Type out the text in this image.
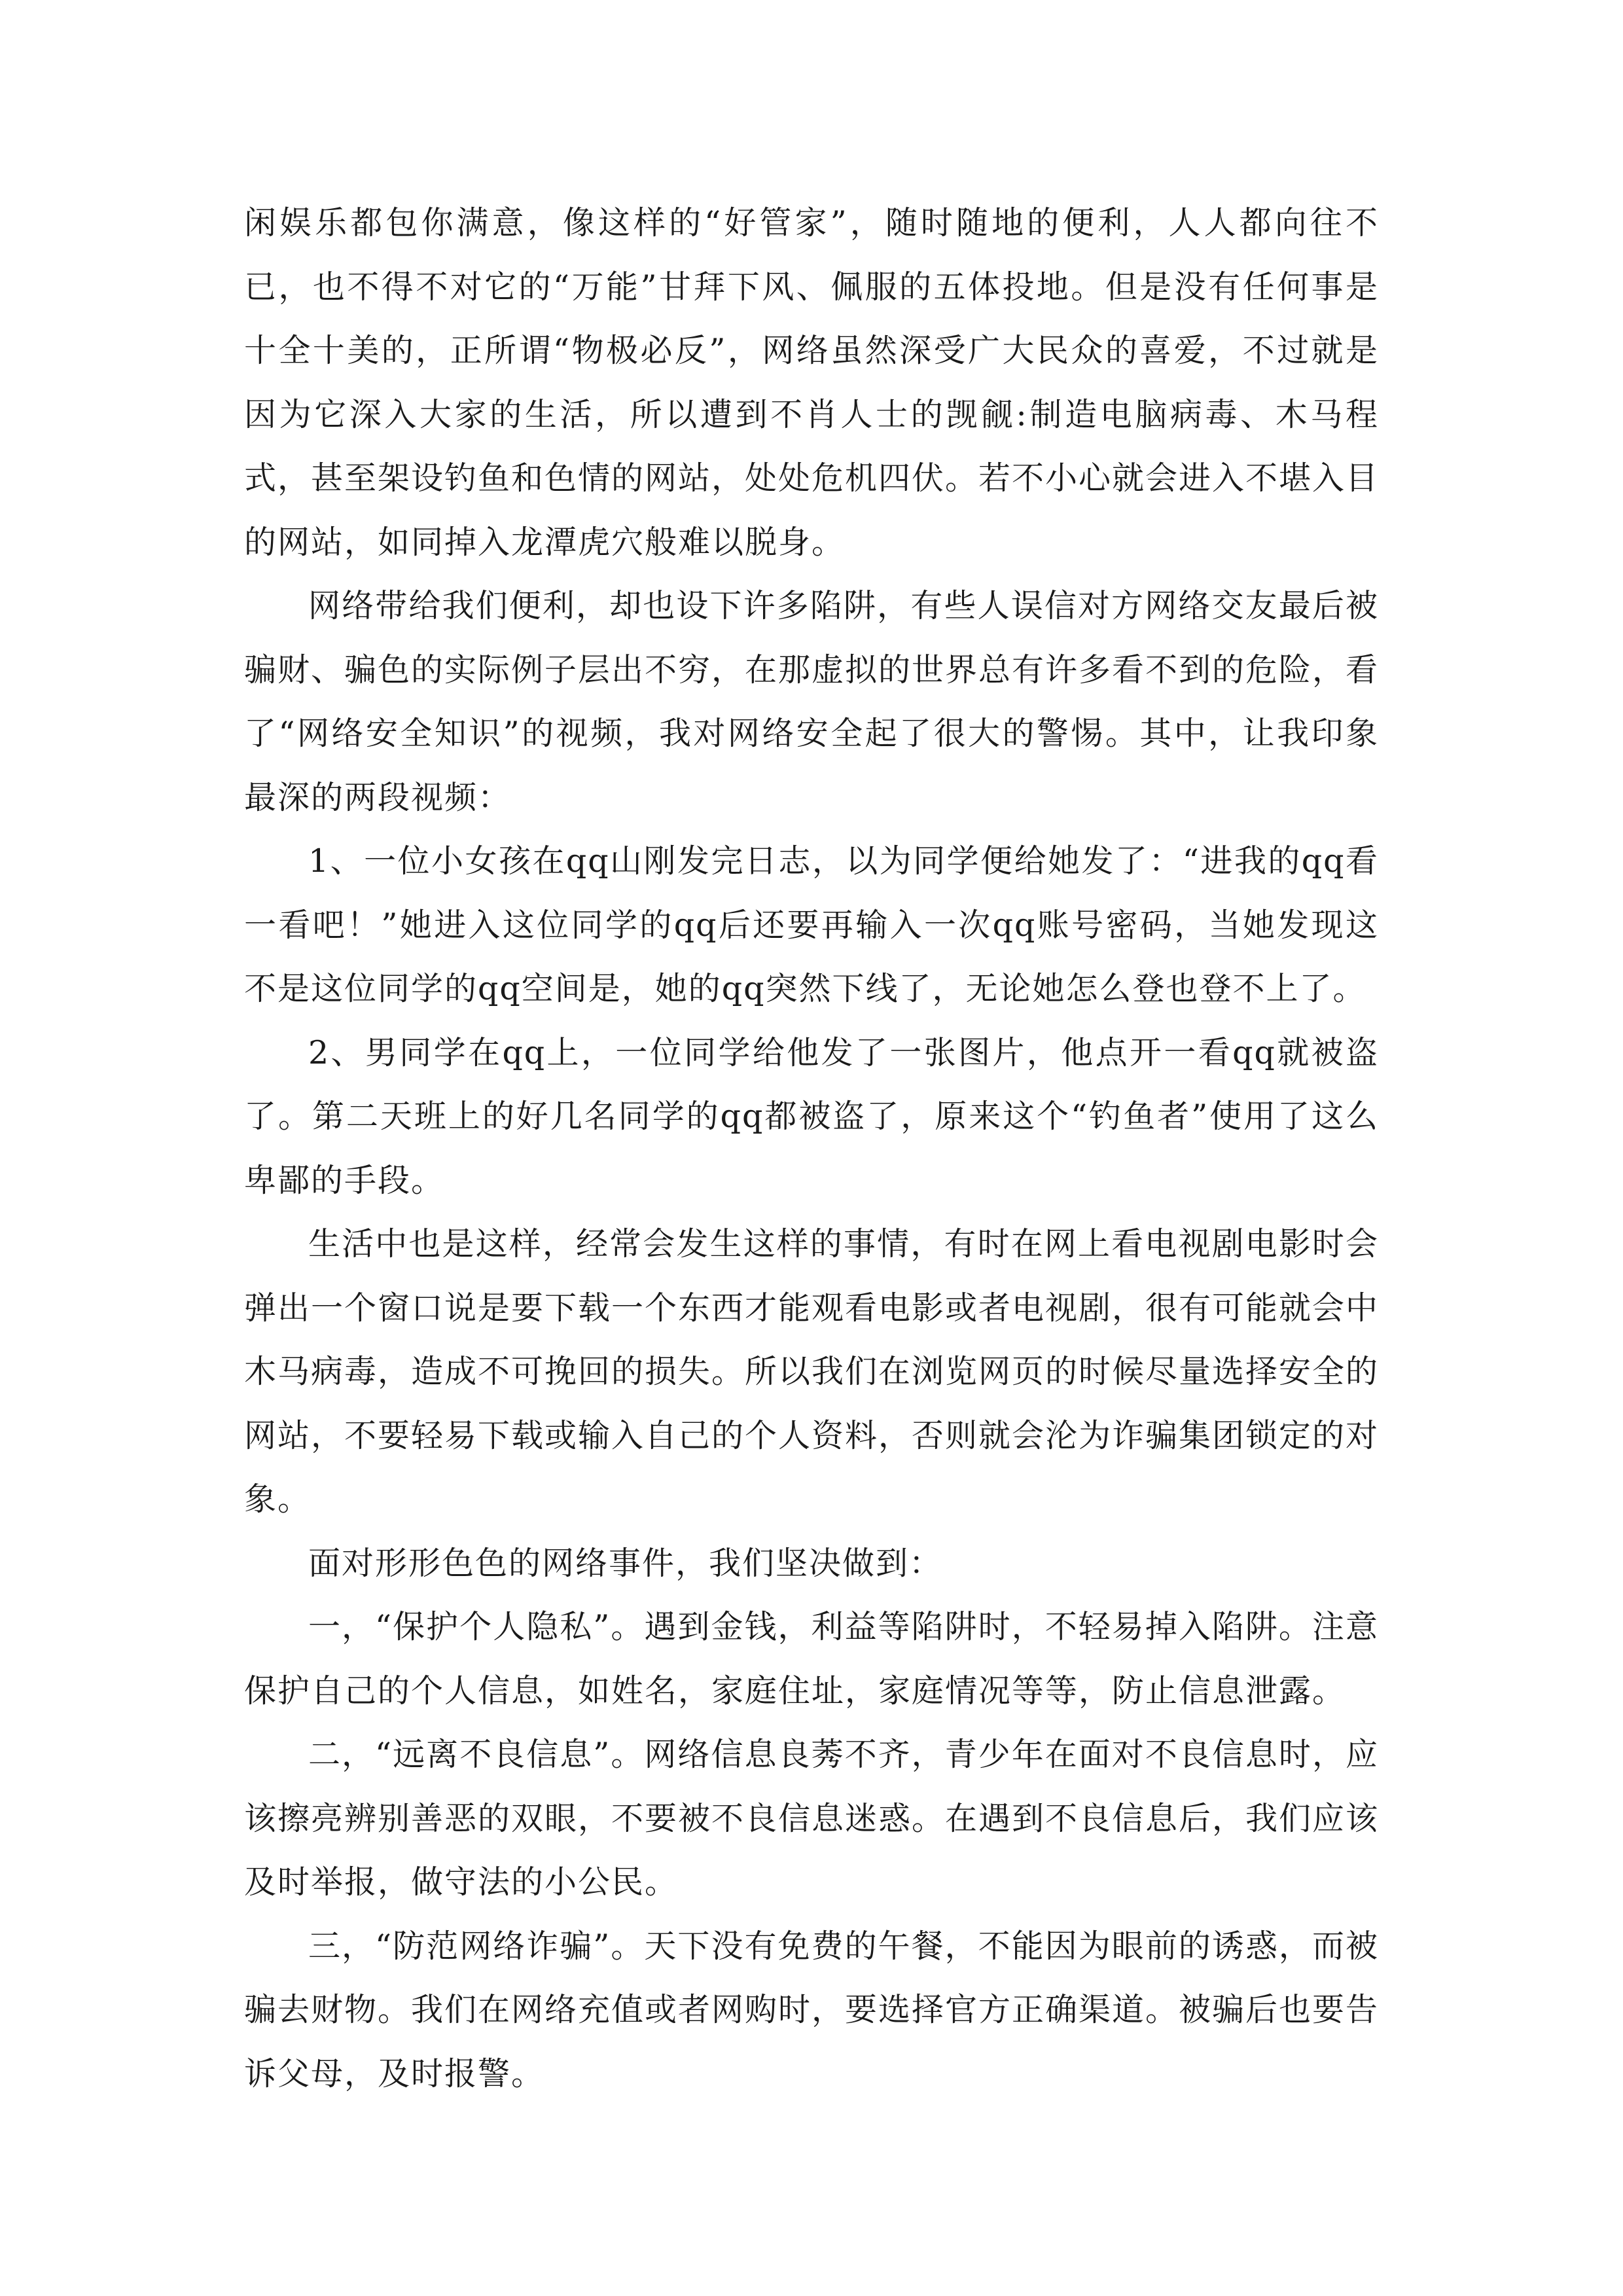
闲娱乐都包你满意，像这样的“好管家”，随时随地的便利，人人都向往不已，也不得不对它的“万能”甘拜下风、佩服的五体投地。但是没有任何事是十全十美的，正所谓“物极必反”，网络虽然深受广大民众的喜爱，不过就是因为它深入大家的生活，所以遭到不肖人士的觊觎:制造电脑病毒、木马程式，甚至架设钓鱼和色情的网站，处处危机四伏。若不小心就会进入不堪入目的网站，如同掉入龙潭虎穴般难以脱身。

网络带给我们便利，却也设下许多陷阱，有些人误信对方网络交友最后被骗财、骗色的实际例子层出不穷，在那虚拟的世界总有许多看不到的危险，看了“网络安全知识”的视频，我对网络安全起了很大的警惕。其中，让我印象最深的两段视频：

1、一位小女孩在qq山刚发完日志，以为同学便给她发了：“进我的qq看一看吧！”她进入这位同学的qq后还要再输入一次qq账号密码，当她发现这不是这位同学的qq空间是，她的qq突然下线了，无论她怎么登也登不上了。

2、男同学在qq上，一位同学给他发了一张图片，他点开一看qq就被盗了。第二天班上的好几名同学的qq都被盗了，原来这个“钓鱼者”使用了这么卑鄙的手段。

生活中也是这样，经常会发生这样的事情，有时在网上看电视剧电影时会弹出一个窗口说是要下载一个东西才能观看电影或者电视剧，很有可能就会中木马病毒，造成不可挽回的损失。所以我们在浏览网页的时候尽量选择安全的网站，不要轻易下载或输入自己的个人资料，否则就会沦为诈骗集团锁定的对象。

面对形形色色的网络事件，我们坚决做到：

一，“保护个人隐私”。遇到金钱，利益等陷阱时，不轻易掉入陷阱。注意保护自己的个人信息，如姓名，家庭住址，家庭情况等等，防止信息泄露。

二，“远离不良信息”。网络信息良莠不齐，青少年在面对不良信息时，应该擦亮辨别善恶的双眼，不要被不良信息迷惑。在遇到不良信息后，我们应该及时举报，做守法的小公民。

三，“防范网络诈骗”。天下没有免费的午餐，不能因为眼前的诱惑，而被骗去财物。我们在网络充值或者网购时，要选择官方正确渠道。被骗后也要告诉父母，及时报警。
